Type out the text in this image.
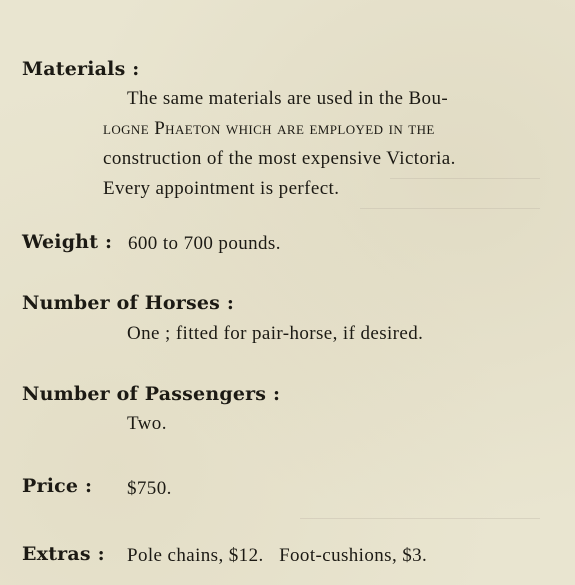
Materials :
The same materials are used in the Bou-
logne Phaeton which are employed in the
construction of the most expensive Victoria.
Every appointment is perfect.
Weight : 600 to 700 pounds.
Number of Horses :
One ; fitted for pair-horse, if desired.
Number of Passengers :
Two.
Price : $750.
Extras : Pole chains, $12.   Foot-cushions, $3.
